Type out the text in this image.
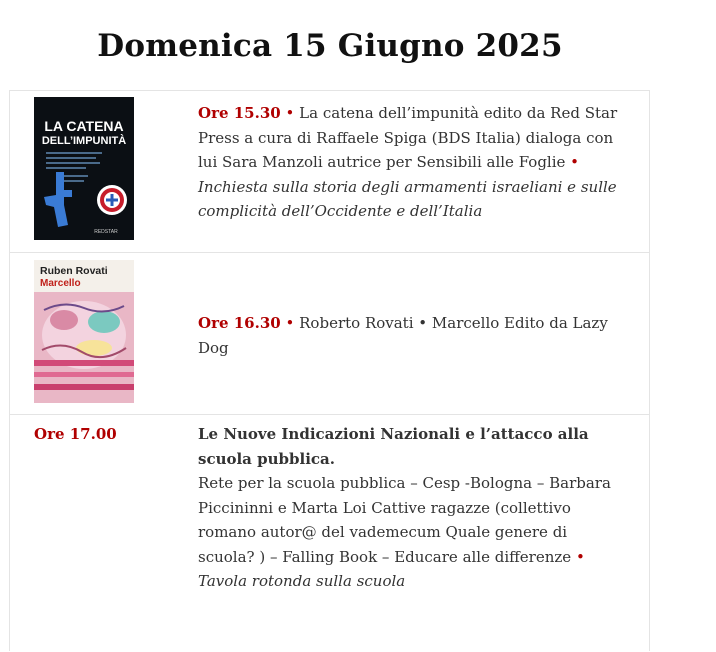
Domenica 15 Giugno 2025
LA CATENA
DELL’IMPUNITÀ
REDSTAR
Ore 15.30 • La catena dell’impunità edito da Red Star Press a cura di Raffaele Spiga (BDS Italia) dialoga con lui Sara Manzoli autrice per Sensibili alle Foglie • Inchiesta sulla storia degli armamenti israeliani e sulle complicità dell’Occidente e dell’Italia
Ruben Rovati
Marcello
Ore 16.30 • Roberto Rovati • Marcello Edito da Lazy Dog
Ore 17.00	Le Nuove Indicazioni Nazionali e l’attacco alla scuola pubblica.
Rete per la scuola pubblica – Cesp -Bologna – Barbara Piccininni e Marta Loi Cattive ragazze (collettivo romano autor@ del vademecum Quale genere di scuola? ) – Falling Book – Educare alle differenze • Tavola rotonda sulla scuola
